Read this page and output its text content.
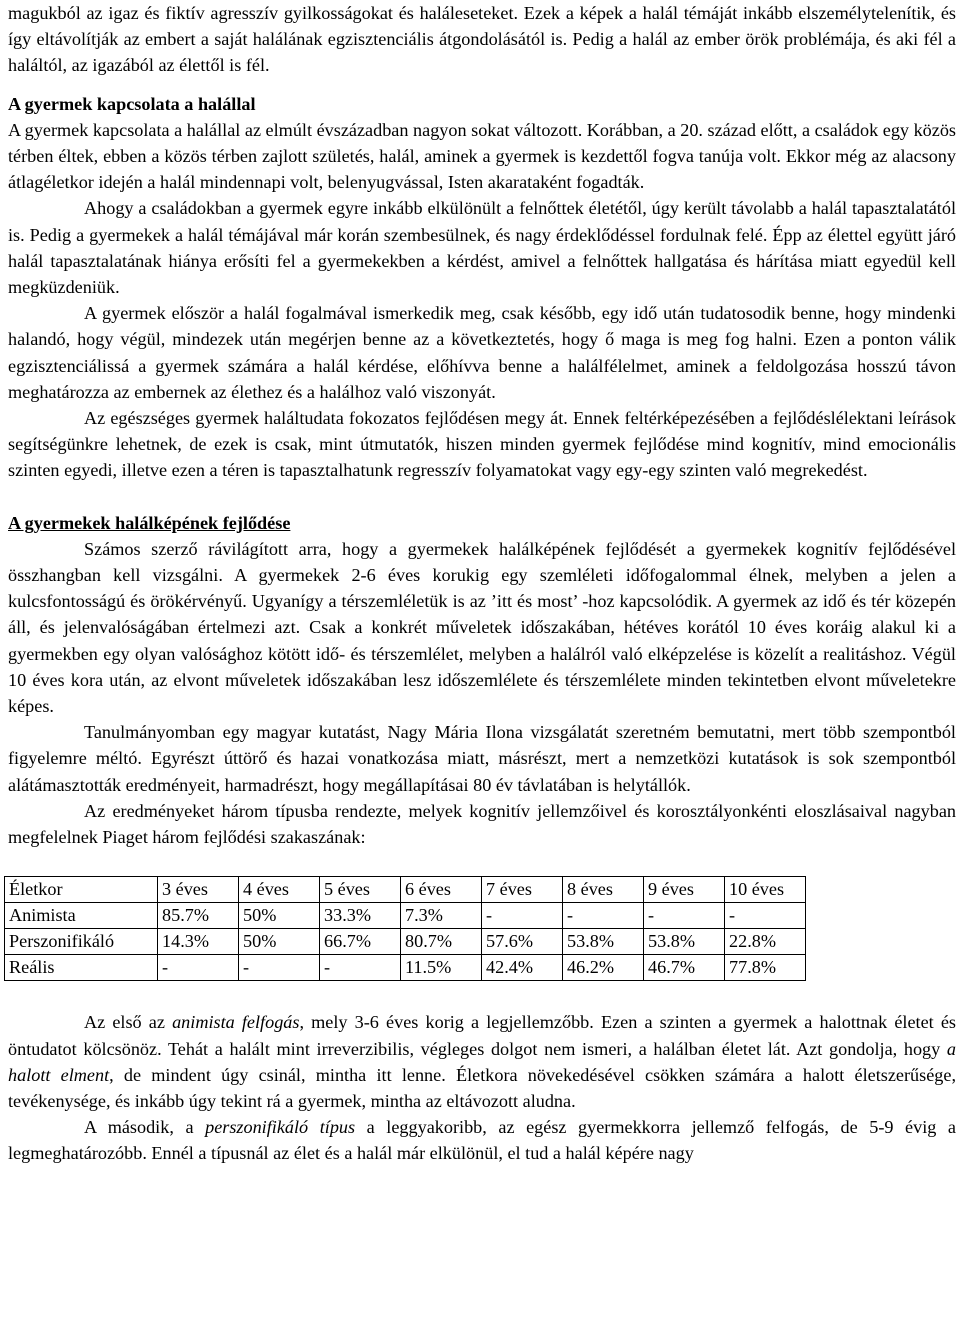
magukból az igaz és fiktív agresszív gyilkosságokat és haláleseteket. Ezek a képek a halál témáját inkább elszemélytelenítik, és így eltávolítják az embert a saját halálának egzisztenciális átgondolásától is. Pedig a halál az ember örök problémája, és aki fél a haláltól, az igazából az élettől is fél.

A gyermek kapcsolata a halállal

A gyermek kapcsolata a halállal az elmúlt évszázadban nagyon sokat változott. Korábban, a 20. század előtt, a családok egy közös térben éltek, ebben a közös térben zajlott születés, halál, aminek a gyermek is kezdettől fogva tanúja volt. Ekkor még az alacsony átlagéletkor idején a halál mindennapi volt, belenyugvással, Isten akarataként fogadták.

Ahogy a családokban a gyermek egyre inkább elkülönült a felnőttek életétől, úgy került távolabb a halál tapasztalatától is. Pedig a gyermekek a halál témájával már korán szembesülnek, és nagy érdeklődéssel fordulnak felé. Épp az élettel együtt járó halál tapasztalatának hiánya erősíti fel a gyermekekben a kérdést, amivel a felnőttek hallgatása és hárítása miatt egyedül kell megküzdeniük.

A gyermek először a halál fogalmával ismerkedik meg, csak később, egy idő után tudatosodik benne, hogy mindenki halandó, hogy végül, mindezek után megérjen benne az a következtetés, hogy ő maga is meg fog halni. Ezen a ponton válik egzisztenciálissá a gyermek számára a halál kérdése, előhívva benne a halálfélelmet, aminek a feldolgozása hosszú távon meghatározza az embernek az élethez és a halálhoz való viszonyát.

Az egészséges gyermek haláltudata fokozatos fejlődésen megy át. Ennek feltérképezésében a fejlődéslélektani leírások segítségünkre lehetnek, de ezek is csak, mint útmutatók, hiszen minden gyermek fejlődése mind kognitív, mind emocionális szinten egyedi, illetve ezen a téren is tapasztalhatunk regresszív folyamatokat vagy egy-egy szinten való megrekedést.

A gyermekek halálképének fejlődése

Számos szerző rávilágított arra, hogy a gyermekek halálképének fejlődését a gyermekek kognitív fejlődésével összhangban kell vizsgálni. A gyermekek 2-6 éves korukig egy szemléleti időfogalommal élnek, melyben a jelen a kulcsfontosságú és örökérvényű. Ugyanígy a térszemléletük is az ’itt és most’ -hoz kapcsolódik. A gyermek az idő és tér közepén áll, és jelenvalóságában értelmezi azt. Csak a konkrét műveletek időszakában, hétéves korától 10 éves koráig alakul ki a gyermekben egy olyan valósághoz kötött idő- és térszemlélet, melyben a halálról való elképzelése is közelít a realitáshoz. Végül 10 éves kora után, az elvont műveletek időszakában lesz időszemlélete és térszemlélete minden tekintetben elvont műveletekre képes.

Tanulmányomban egy magyar kutatást, Nagy Mária Ilona vizsgálatát szeretném bemutatni, mert több szempontból figyelemre méltó. Egyrészt úttörő és hazai vonatkozása miatt, másrészt, mert a nemzetközi kutatások is sok szempontból alátámasztották eredményeit, harmadrészt, hogy megállapításai 80 év távlatában is helytállók.

Az eredményeket három típusba rendezte, melyek kognitív jellemzőivel és korosztályonkénti eloszlásaival nagyban megfelelnek Piaget három fejlődési szakaszának:

Életkor	3 éves	4 éves	5 éves	6 éves	7 éves	8 éves	9 éves	10 éves
Animista	85.7%	50%	33.3%	7.3%	-	-	-	-
Perszonifikáló	14.3%	50%	66.7%	80.7%	57.6%	53.8%	53.8%	22.8%
Reális	-	-	-	11.5%	42.4%	46.2%	46.7%	77.8%

Az első az animista felfogás, mely 3-6 éves korig a legjellemzőbb. Ezen a szinten a gyermek a halottnak életet és öntudatot kölcsönöz. Tehát a halált mint irreverzibilis, végleges dolgot nem ismeri, a halálban életet lát. Azt gondolja, hogy a halott elment, de mindent úgy csinál, mintha itt lenne. Életkora növekedésével csökken számára a halott életszerűsége, tevékenysége, és inkább úgy tekint rá a gyermek, mintha az eltávozott aludna.

A második, a perszonifikáló típus a leggyakoribb, az egész gyermekkorra jellemző felfogás, de 5-9 évig a legmeghatározóbb. Ennél a típusnál az élet és a halál már elkülönül, el tud a halál képére nagy
